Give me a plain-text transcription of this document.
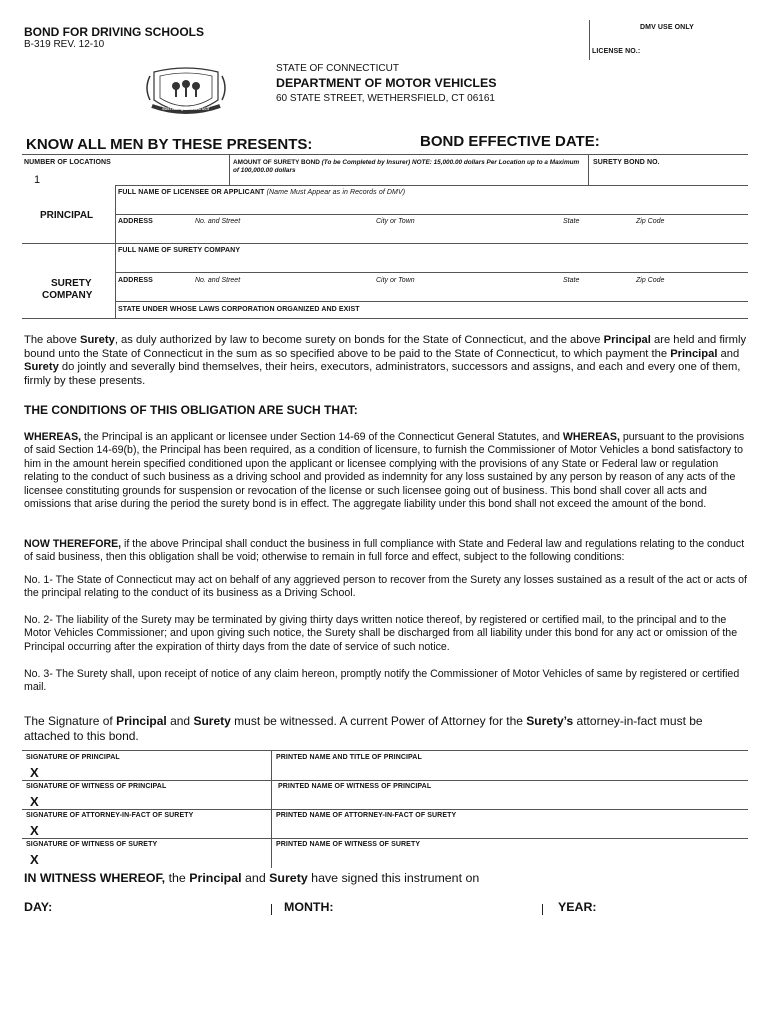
BOND FOR DRIVING SCHOOLS
B-319 REV. 12-10
DMV USE ONLY
LICENSE NO.:
SUSTINET QUI TRANSTULIT
STATE OF CONNECTICUT
DEPARTMENT OF MOTOR VEHICLES
60 STATE STREET, WETHERSFIELD, CT 06161
KNOW ALL MEN BY THESE PRESENTS:	BOND EFFECTIVE DATE:
NUMBER OF LOCATIONS
1
AMOUNT OF SURETY BOND (To be Completed by Insurer) NOTE: 15,000.00 dollars Per Location up to a Maximum of 100,000.00 dollars
SURETY BOND NO.
FULL NAME OF LICENSEE OR APPLICANT (Name Must Appear as in Records of DMV)
PRINCIPAL
ADDRESS	No. and Street	City or Town	State	Zip Code
FULL NAME OF SURETY COMPANY
SURETY
COMPANY
ADDRESS	No. and Street	City or Town	State	Zip Code
STATE UNDER WHOSE LAWS CORPORATION ORGANIZED AND EXIST
The above Surety, as duly authorized by law to become surety on bonds for the State of Connecticut, and the above Principal are held and firmly bound unto the State of Connecticut in the sum as so specified above to be paid to the State of Connecticut, to which payment the Principal and Surety do jointly and severally bind themselves, their heirs, executors, administrators, successors and assigns, and each and every one of them, firmly by these presents.
THE CONDITIONS OF THIS OBLIGATION ARE SUCH THAT:
WHEREAS, the Principal is an applicant or licensee under Section 14-69 of the Connecticut General Statutes, and WHEREAS, pursuant to the provisions of said Section 14-69(b), the Principal has been required, as a condition of licensure, to furnish the Commissioner of Motor Vehicles a bond satisfactory to him in the amount herein specified conditioned upon the applicant or licensee complying with the provisions of any State or Federal law or regulation relating to the conduct of such business as a driving school and provided as indemnity for any loss sustained by any person by reason of any acts of the licensee constituting grounds for suspension or revocation of the license or such licensee going out of business. This bond shall cover all acts and omissions that arise during the period the surety bond is in effect. The aggregate liability under this bond shall not exceed the amount of the bond.
NOW THEREFORE, if the above Principal shall conduct the business in full compliance with State and Federal law and regulations relating to the conduct of said business, then this obligation shall be void; otherwise to remain in full force and effect, subject to the following conditions:
No. 1- The State of Connecticut may act on behalf of any aggrieved person to recover from the Surety any losses sustained as a result of the act or acts of the principal relating to the conduct of its business as a Driving School.
No. 2- The liability of the Surety may be terminated by giving thirty days written notice thereof, by registered or certified mail, to the principal and to the Motor Vehicles Commissioner; and upon giving such notice, the Surety shall be discharged from all liability under this bond for any act or omission of the Principal occurring after the expiration of thirty days from the date of service of such notice.
No. 3- The Surety shall, upon receipt of notice of any claim hereon, promptly notify the Commissioner of Motor Vehicles of same by registered or certified mail.
The Signature of Principal and Surety must be witnessed. A current Power of Attorney for the Surety’s attorney-in-fact must be attached to this bond.
SIGNATURE OF PRINCIPAL	PRINTED NAME AND TITLE OF PRINCIPAL
X
SIGNATURE OF WITNESS OF PRINCIPAL	PRINTED NAME OF WITNESS OF PRINCIPAL
X
SIGNATURE OF ATTORNEY-IN-FACT OF SURETY	PRINTED NAME OF ATTORNEY-IN-FACT OF SURETY
X
SIGNATURE OF WITNESS OF SURETY	PRINTED NAME OF WITNESS OF SURETY
X
IN WITNESS WHEREOF, the Principal and Surety have signed this instrument on
DAY:	MONTH:	YEAR:
